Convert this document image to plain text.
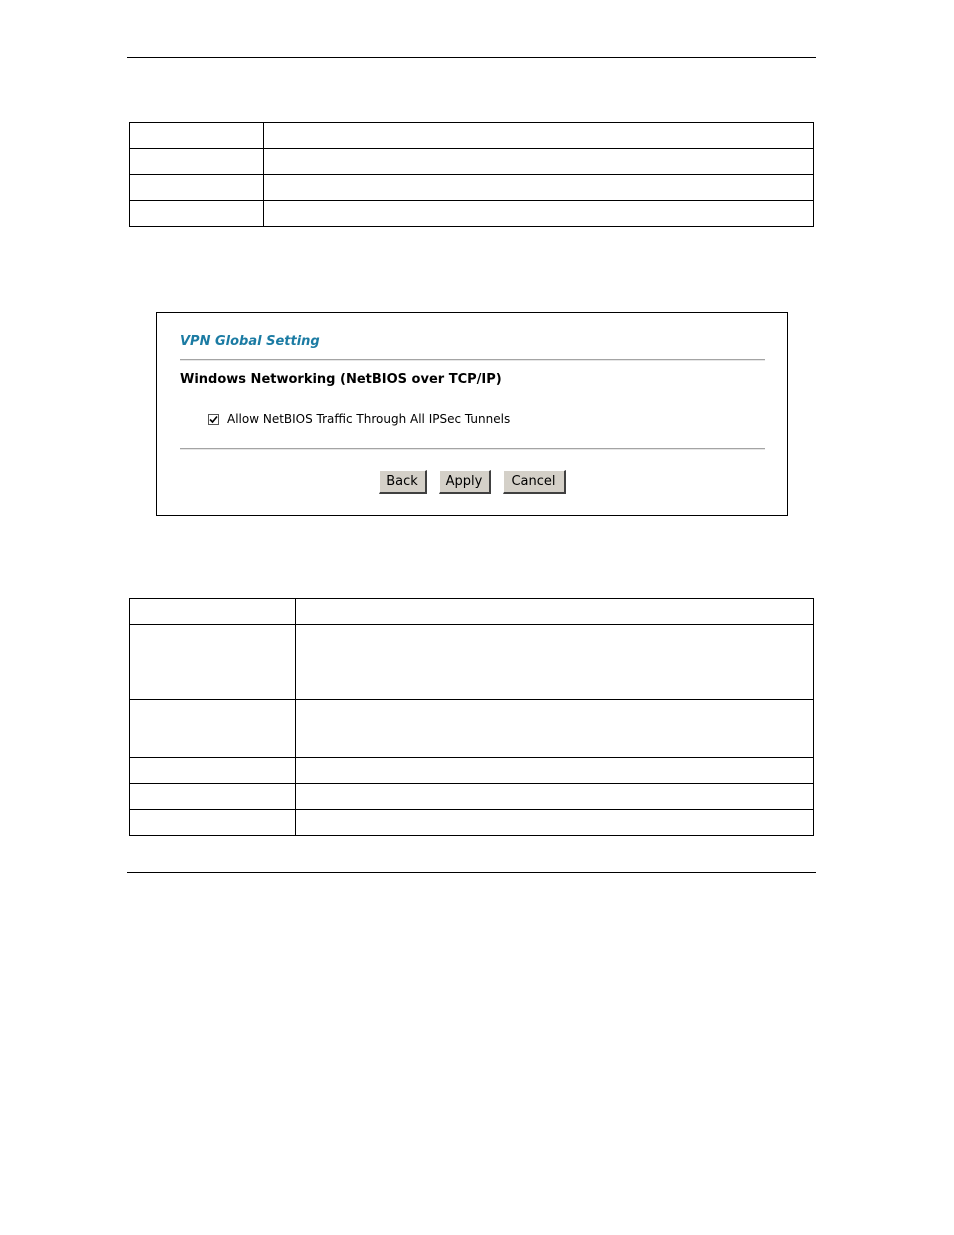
VPN Global Setting
Windows Networking (NetBIOS over TCP/IP)
Allow NetBIOS Traffic Through All IPSec Tunnels
Back	Apply	Cancel
